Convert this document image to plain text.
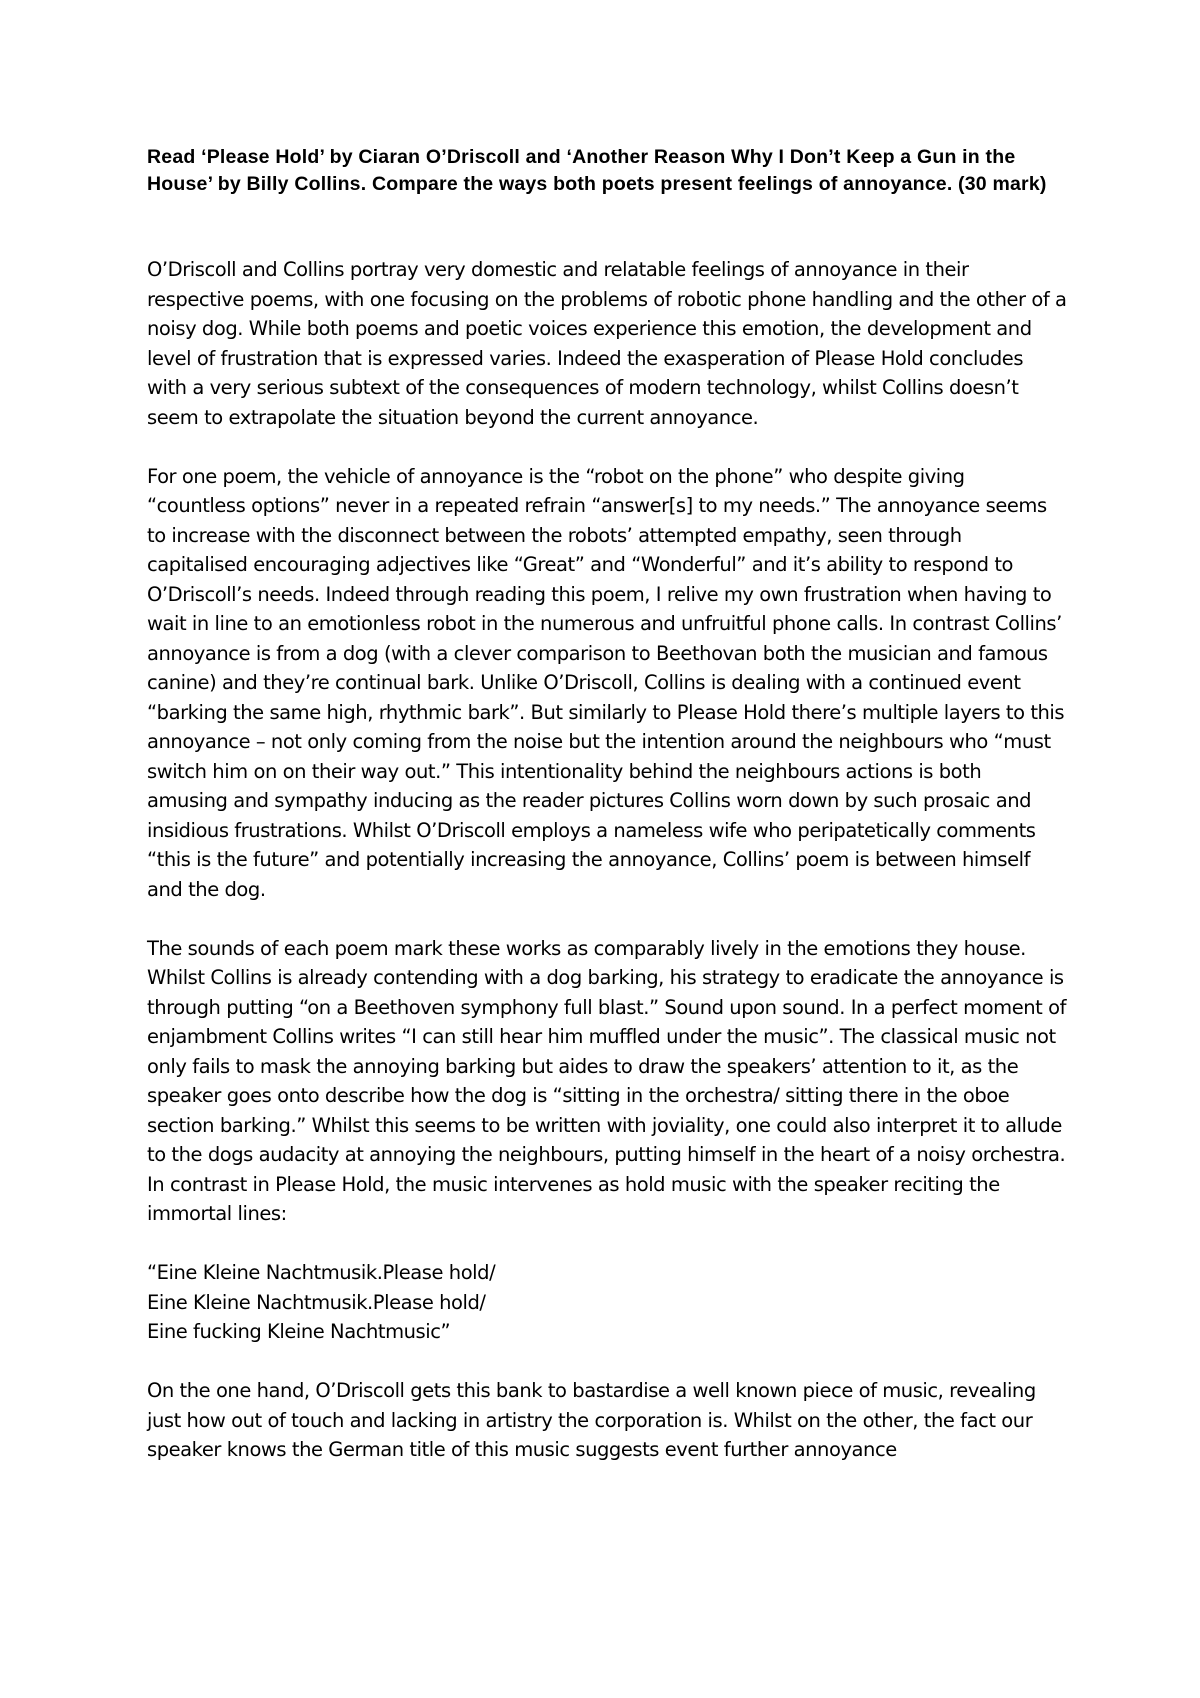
Read ‘Please Hold’ by Ciaran O’Driscoll and ‘Another Reason Why I Don’t Keep a Gun in the House’ by Billy Collins. Compare the ways both poets present feelings of annoyance. (30 mark)

O’Driscoll and Collins portray very domestic and relatable feelings of annoyance in their respective poems, with one focusing on the problems of robotic phone handling and the other of a noisy dog. While both poems and poetic voices experience this emotion, the development and level of frustration that is expressed varies. Indeed the exasperation of Please Hold concludes with a very serious subtext of the consequences of modern technology, whilst Collins doesn’t seem to extrapolate the situation beyond the current annoyance.

For one poem, the vehicle of annoyance is the “robot on the phone” who despite giving “countless options” never in a repeated refrain “answer[s] to my needs.” The annoyance seems to increase with the disconnect between the robots’ attempted empathy, seen through capitalised encouraging adjectives like “Great” and “Wonderful” and it’s ability to respond to O’Driscoll’s needs. Indeed through reading this poem, I relive my own frustration when having to wait in line to an emotionless robot in the numerous and unfruitful phone calls. In contrast Collins’ annoyance is from a dog (with a clever comparison to Beethovan both the musician and famous canine) and they’re continual bark. Unlike O’Driscoll, Collins is dealing with a continued event “barking the same high, rhythmic bark”. But similarly to Please Hold there’s multiple layers to this annoyance – not only coming from the noise but the intention around the neighbours who “must switch him on on their way out.” This intentionality behind the neighbours actions is both amusing and sympathy inducing as the reader pictures Collins worn down by such prosaic and insidious frustrations. Whilst O’Driscoll employs a nameless wife who peripatetically comments “this is the future” and potentially increasing the annoyance, Collins’ poem is between himself and the dog.

The sounds of each poem mark these works as comparably lively in the emotions they house. Whilst Collins is already contending with a dog barking, his strategy to eradicate the annoyance is through putting “on a Beethoven symphony full blast.” Sound upon sound. In a perfect moment of enjambment Collins writes “I can still hear him muffled under the music”. The classical music not only fails to mask the annoying barking but aides to draw the speakers’ attention to it, as the speaker goes onto describe how the dog is “sitting in the orchestra/ sitting there in the oboe section barking.” Whilst this seems to be written with joviality, one could also interpret it to allude to the dogs audacity at annoying the neighbours, putting himself in the heart of a noisy orchestra. In contrast in Please Hold, the music intervenes as hold music with the speaker reciting the immortal lines:

“Eine Kleine Nachtmusik.Please hold/
Eine Kleine Nachtmusik.Please hold/
Eine fucking Kleine Nachtmusic”

On the one hand, O’Driscoll gets this bank to bastardise a well known piece of music, revealing just how out of touch and lacking in artistry the corporation is. Whilst on the other, the fact our speaker knows the German title of this music suggests event further annoyance
